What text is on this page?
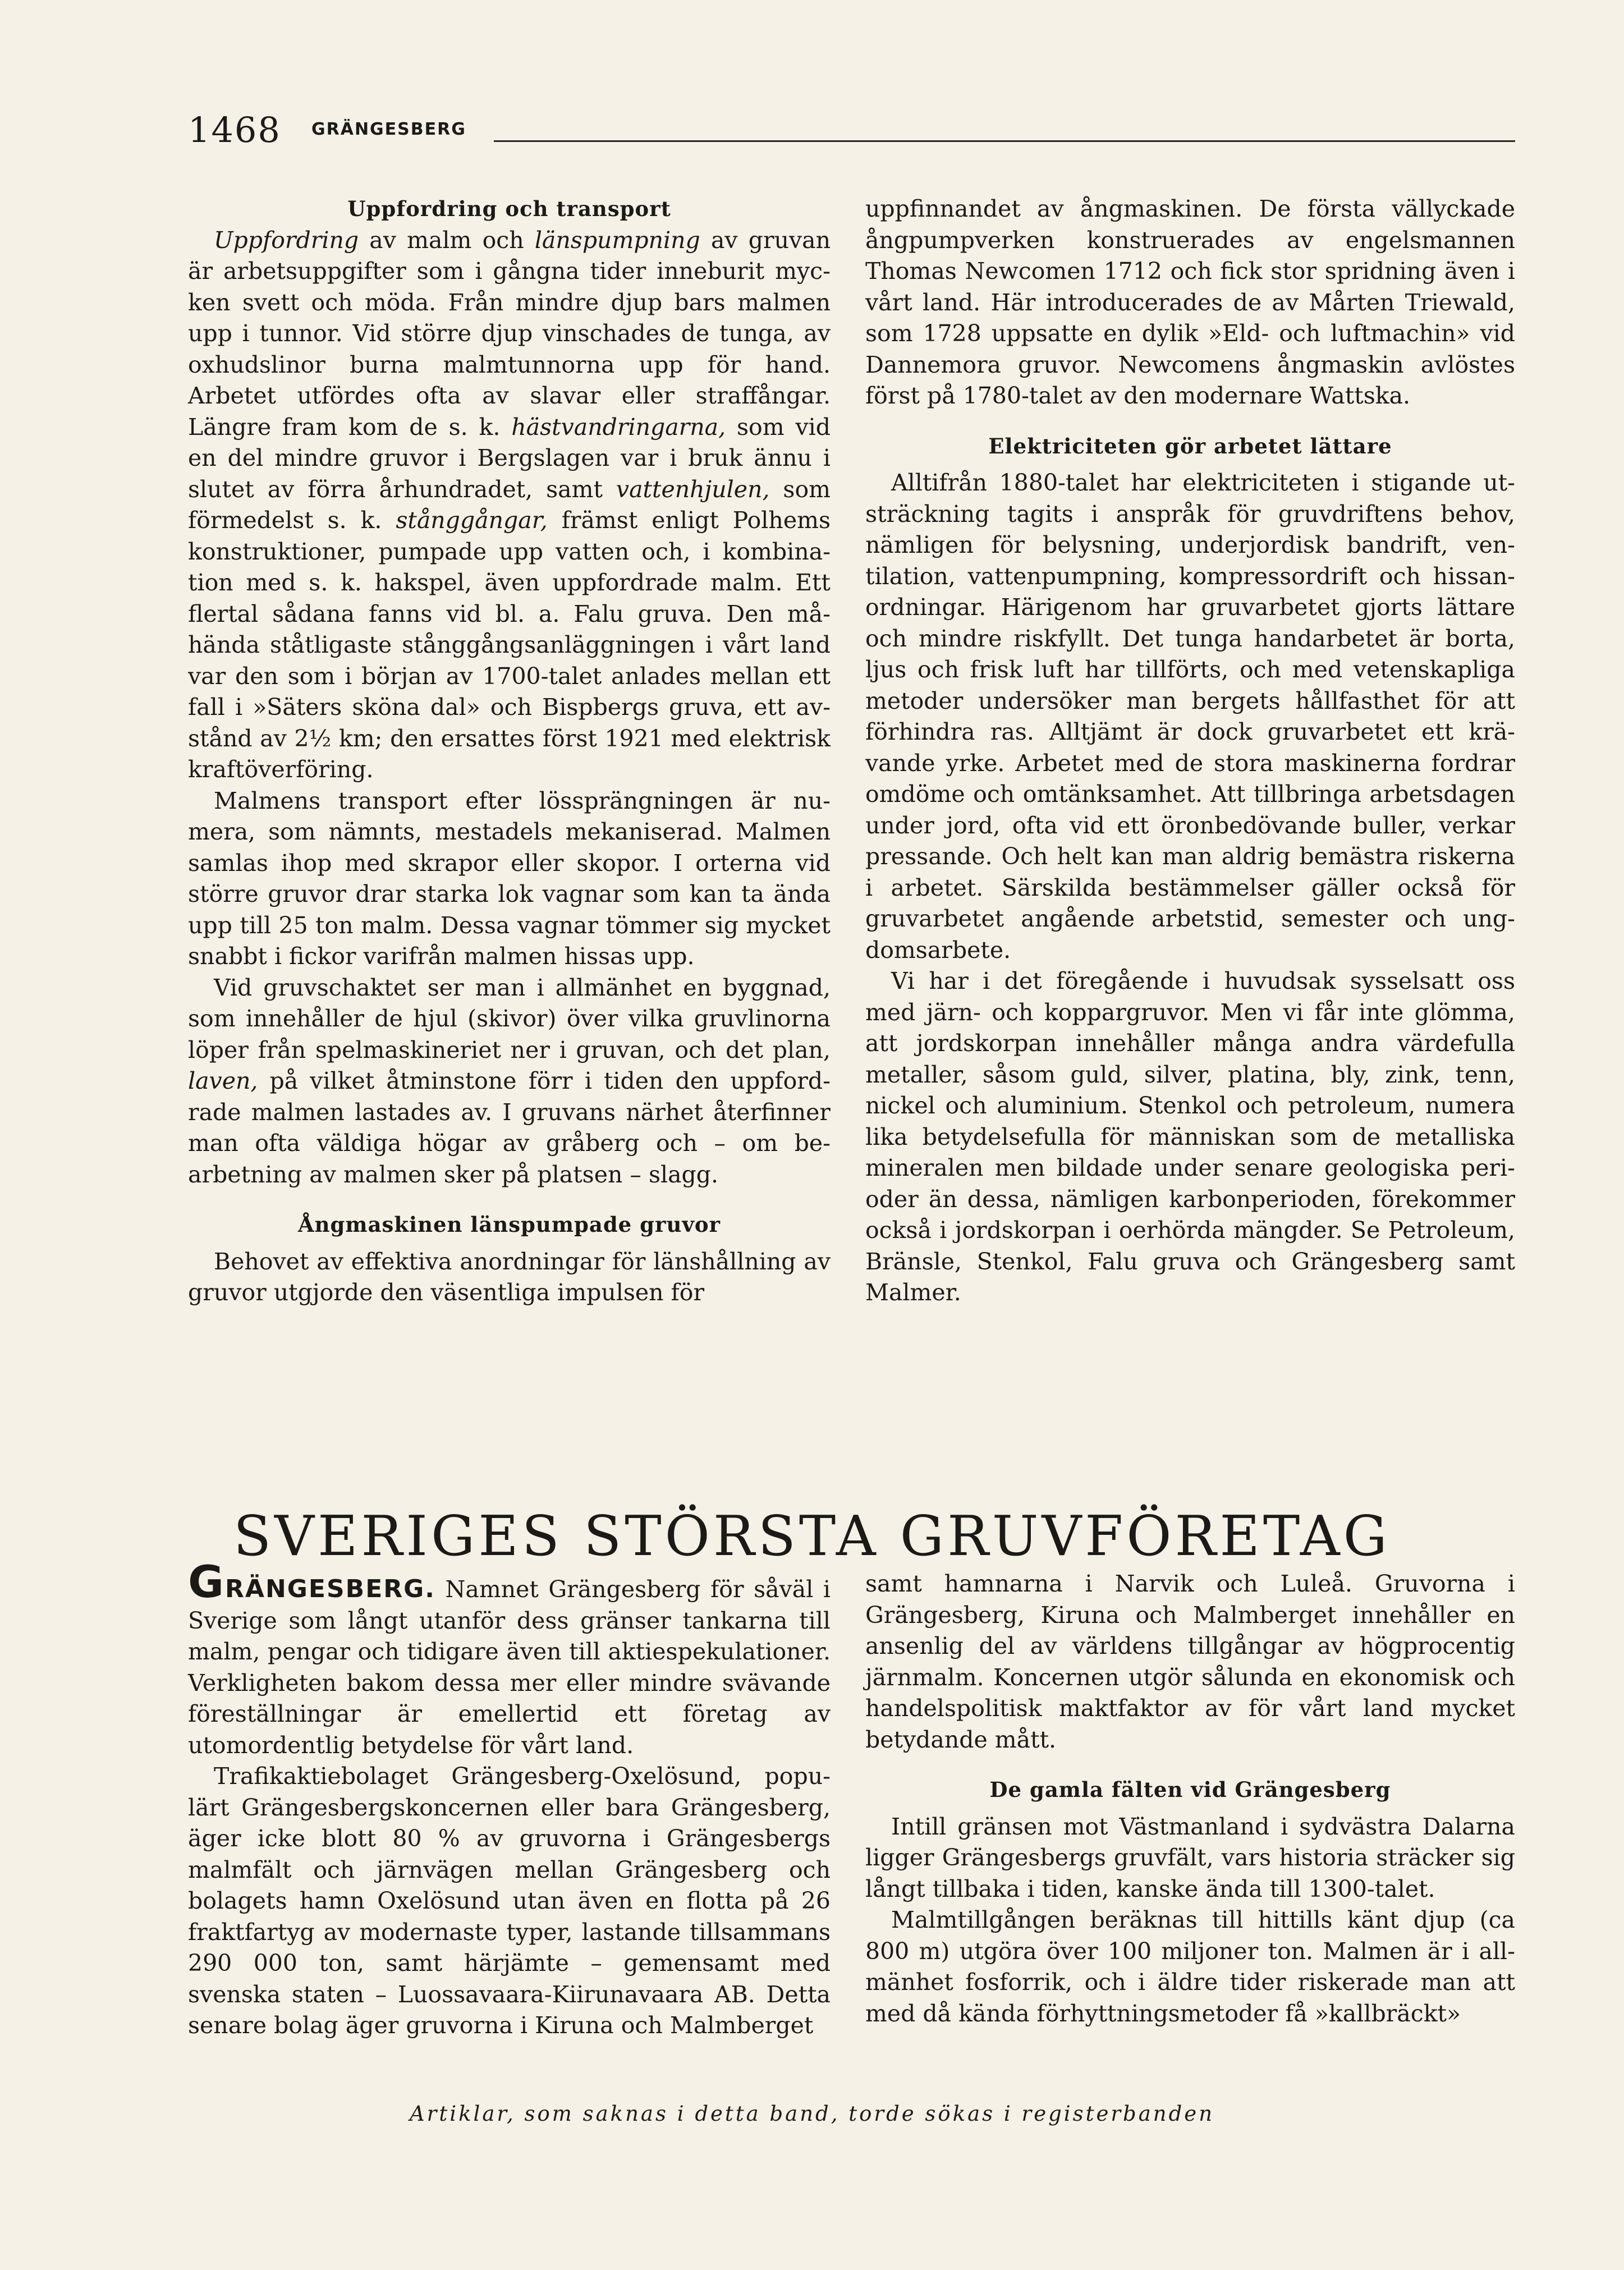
1468 GRÄNGESBERG
Uppfordring och transport

Uppfordring av malm och länspumpning av gruvan är arbetsuppgifter som i gångna tider inneburit mycken svett och möda. Från mindre djup bars malmen upp i tunnor. Vid större djup vinschades de tunga, av oxhudslinor burna malmtunnorna upp för hand. Arbetet utfördes ofta av slavar eller straffångar. Längre fram kom de s. k. hästvandringarna, som vid en del mindre gruvor i Bergslagen var i bruk ännu i slutet av förra århundradet, samt vattenhjulen, som förmedelst s. k. stånggångar, främst enligt Polhems konstruktioner, pumpade upp vatten och, i kombination med s. k. hakspel, även uppfordrade malm. Ett flertal sådana fanns vid bl. a. Falu gruva. Den måhända ståtligaste stånggångsanläggningen i vårt land var den som i början av 1700-talet anlades mellan ett fall i »Säters sköna dal» och Bispbergs gruva, ett avstånd av 2½ km; den ersattes först 1921 med elektrisk kraftöverföring.

Malmens transport efter lössprängningen är numera, som nämnts, mestadels mekaniserad. Malmen samlas ihop med skrapor eller skopor. I orterna vid större gruvor drar starka lok vagnar som kan ta ända upp till 25 ton malm. Dessa vagnar tömmer sig mycket snabbt i fickor varifrån malmen hissas upp.

Vid gruvschaktet ser man i allmänhet en byggnad, som innehåller de hjul (skivor) över vilka gruvlinorna löper från spelmaskineriet ner i gruvan, och det plan, laven, på vilket åtminstone förr i tiden den uppfordrade malmen lastades av. I gruvans närhet återfinner man ofta väldiga högar av gråberg och – om bearbetning av malmen sker på platsen – slagg.

Ångmaskinen länspumpade gruvor

Behovet av effektiva anordningar för länshållning av gruvor utgjorde den väsentliga impulsen för

uppfinnandet av ångmaskinen. De första vällyckade ångpumpverken konstruerades av engelsmannen Thomas Newcomen 1712 och fick stor spridning även i vårt land. Här introducerades de av Mårten Triewald, som 1728 uppsatte en dylik »Eld- och luftmachin» vid Dannemora gruvor. Newcomens ångmaskin avlöstes först på 1780-talet av den modernare Wattska.

Elektriciteten gör arbetet lättare

Alltifrån 1880-talet har elektriciteten i stigande utsträckning tagits i anspråk för gruvdriftens behov, nämligen för belysning, underjordisk bandrift, ventilation, vattenpumpning, kompressordrift och hissanordningar. Härigenom har gruvarbetet gjorts lättare och mindre riskfyllt. Det tunga handarbetet är borta, ljus och frisk luft har tillförts, och med vetenskapliga metoder undersöker man bergets hållfasthet för att förhindra ras. Alltjämt är dock gruvarbetet ett krävande yrke. Arbetet med de stora maskinerna fordrar omdöme och omtänksamhet. Att tillbringa arbetsdagen under jord, ofta vid ett öronbedövande buller, verkar pressande. Och helt kan man aldrig bemästra riskerna i arbetet. Särskilda bestämmelser gäller också för gruvarbetet angående arbetstid, semester och ungdomsarbete.

Vi har i det föregående i huvudsak sysselsatt oss med järn- och koppargruvor. Men vi får inte glömma, att jordskorpan innehåller många andra värdefulla metaller, såsom guld, silver, platina, bly, zink, tenn, nickel och aluminium. Stenkol och petroleum, numera lika betydelsefulla för människan som de metalliska mineralen men bildade under senare geologiska perioder än dessa, nämligen karbonperioden, förekommer också i jordskorpan i oerhörda mängder. Se Petroleum, Bränsle, Stenkol, Falu gruva och Grängesberg samt Malmer.

SVERIGES STÖRSTA GRUVFÖRETAG

GRÄNGESBERG. Namnet Grängesberg för såväl i Sverige som långt utanför dess gränser tankarna till malm, pengar och tidigare även till aktiespekulationer. Verkligheten bakom dessa mer eller mindre svävande föreställningar är emellertid ett företag av utomordentlig betydelse för vårt land.

Trafikaktiebolaget Grängesberg-Oxelösund, populärt Grängesbergskoncernen eller bara Grängesberg, äger icke blott 80 % av gruvorna i Grängesbergs malmfält och järnvägen mellan Grängesberg och bolagets hamn Oxelösund utan även en flotta på 26 fraktfartyg av modernaste typer, lastande tillsammans 290 000 ton, samt härjämte – gemensamt med svenska staten – Luossavaara-Kiirunavaara AB. Detta senare bolag äger gruvorna i Kiruna och Malmberget

samt hamnarna i Narvik och Luleå. Gruvorna i Grängesberg, Kiruna och Malmberget innehåller en ansenlig del av världens tillgångar av högprocentig järnmalm. Koncernen utgör sålunda en ekonomisk och handelspolitisk maktfaktor av för vårt land mycket betydande mått.

De gamla fälten vid Grängesberg

Intill gränsen mot Västmanland i sydvästra Dalarna ligger Grängesbergs gruvfält, vars historia sträcker sig långt tillbaka i tiden, kanske ända till 1300-talet.

Malmtillgången beräknas till hittills känt djup (ca 800 m) utgöra över 100 miljoner ton. Malmen är i allmänhet fosforrik, och i äldre tider riskerade man att med då kända förhyttningsmetoder få »kallbräckt»

Artiklar, som saknas i detta band, torde sökas i registerbanden
